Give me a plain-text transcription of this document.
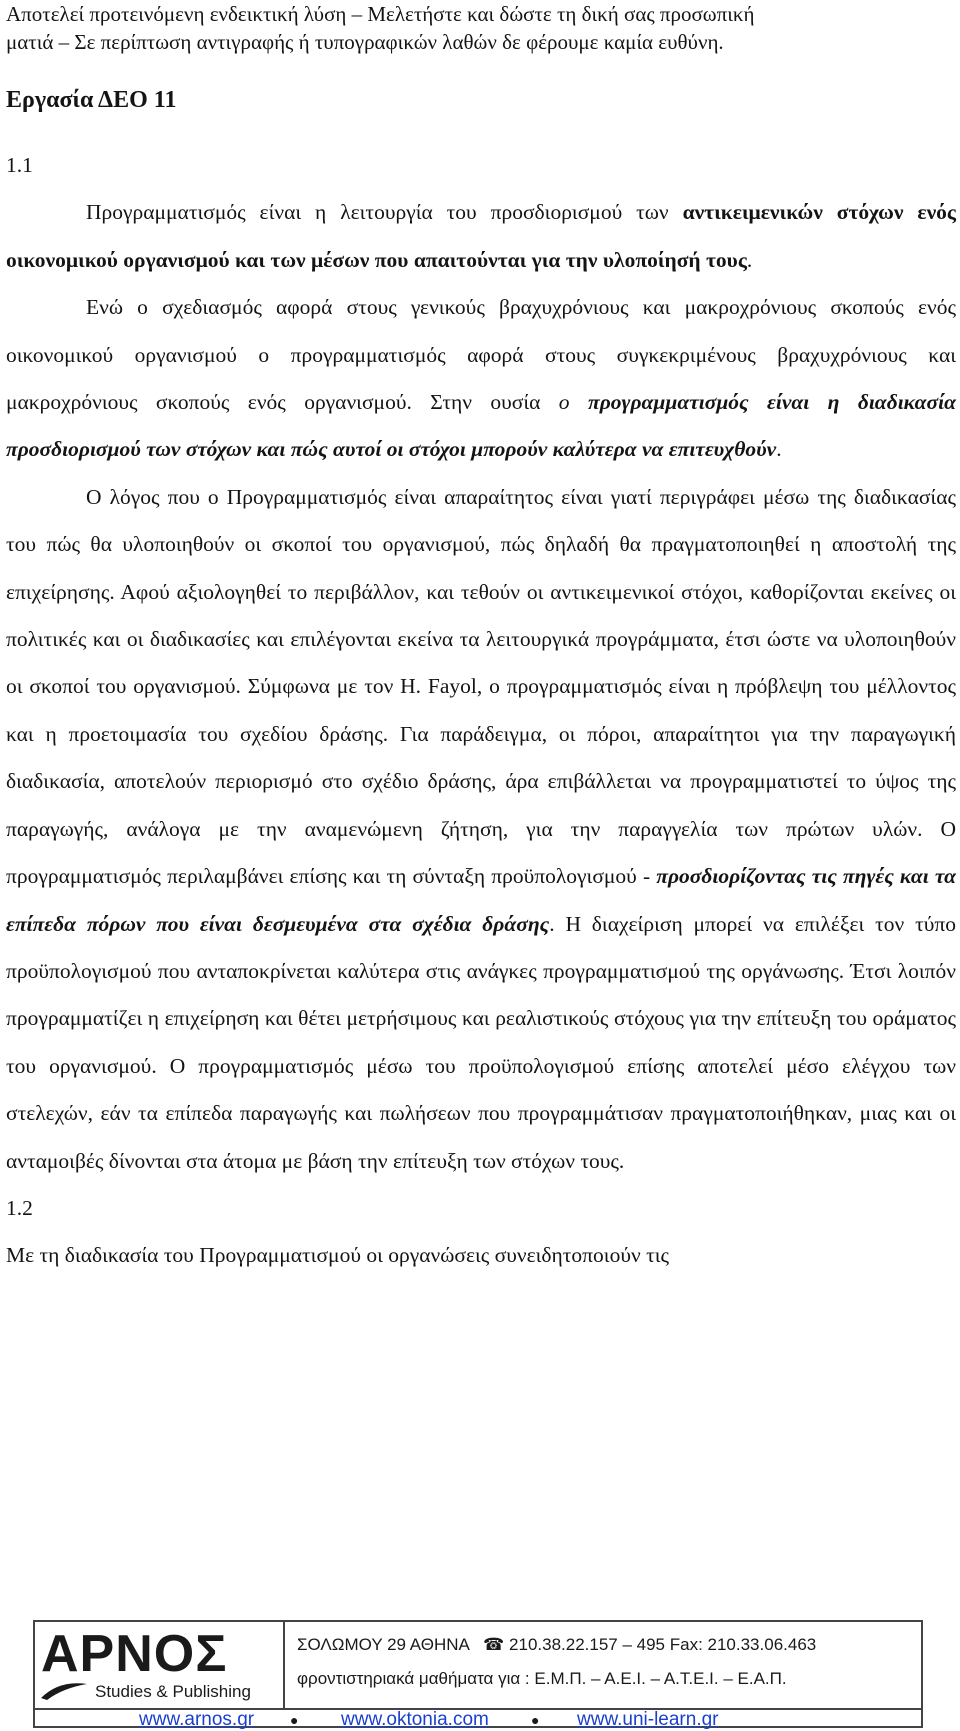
Αποτελεί προτεινόμενη ενδεικτική λύση – Μελετήστε και δώστε τη δική σας προσωπική
ματιά – Σε περίπτωση αντιγραφής ή τυπογραφικών λαθών δε φέρουμε καμία ευθύνη.
Εργασία ΔΕΟ 11
1.1

Προγραμματισμός είναι η λειτουργία του προσδιορισμού των αντικειμενικών στόχων ενός οικονομικού οργανισμού και των μέσων που απαιτούνται για την υλοποίησή τους.

Ενώ ο σχεδιασμός αφορά στους γενικούς βραχυχρόνιους και μακροχρόνιους σκοπούς ενός οικονομικού οργανισμού ο προγραμματισμός αφορά στους συγκεκριμένους βραχυχρόνιους και μακροχρόνιους σκοπούς ενός οργανισμού. Στην ουσία ο προγραμματισμός είναι η διαδικασία προσδιορισμού των στόχων και πώς αυτοί οι στόχοι μπορούν καλύτερα να επιτευχθούν.

Ο λόγος που ο Προγραμματισμός είναι απαραίτητος είναι γιατί περιγράφει μέσω της διαδικασίας του πώς θα υλοποιηθούν οι σκοποί του οργανισμού, πώς δηλαδή θα πραγματοποιηθεί η αποστολή της επιχείρησης. Αφού αξιολογηθεί το περιβάλλον, και τεθούν οι αντικειμενικοί στόχοι, καθορίζονται εκείνες οι πολιτικές και οι διαδικασίες και επιλέγονται εκείνα τα λειτουργικά προγράμματα, έτσι ώστε να υλοποιηθούν οι σκοποί του οργανισμού. Σύμφωνα με τον H. Fayol, ο προγραμματισμός είναι η πρόβλεψη του μέλλοντος και η προετοιμασία του σχεδίου δράσης. Για παράδειγμα, οι πόροι, απαραίτητοι για την παραγωγική διαδικασία, αποτελούν περιορισμό στο σχέδιο δράσης, άρα επιβάλλεται να προγραμματιστεί το ύψος της παραγωγής, ανάλογα με την αναμενώμενη ζήτηση, για την παραγγελία των πρώτων υλών. Ο προγραμματισμός περιλαμβάνει επίσης και τη σύνταξη προϋπολογισμού - προσδιορίζοντας τις πηγές και τα επίπεδα πόρων που είναι δεσμευμένα στα σχέδια δράσης. Η διαχείριση μπορεί να επιλέξει τον τύπο προϋπολογισμού που ανταποκρίνεται καλύτερα στις ανάγκες προγραμματισμού της οργάνωσης. Έτσι λοιπόν προγραμματίζει η επιχείρηση και θέτει μετρήσιμους και ρεαλιστικούς στόχους για την επίτευξη του οράματος του οργανισμού. Ο προγραμματισμός μέσω του προϋπολογισμού επίσης αποτελεί μέσο ελέγχου των στελεχών, εάν τα επίπεδα παραγωγής και πωλήσεων που προγραμμάτισαν πραγματοποιήθηκαν, μιας και οι ανταμοιβές δίνονται στα άτομα με βάση την επίτευξη των στόχων τους.

1.2

Με τη διαδικασία του Προγραμματισμού οι οργανώσεις συνειδητοποιούν τις

ΑΡΝΟΣ
Studies & Publishing
ΣΟΛΩΜΟΥ 29 ΑΘΗΝΑ   ☎ 210.38.22.157 – 495 Fax: 210.33.06.463
φροντιστηριακά μαθήματα για : Ε.Μ.Π. – Α.Ε.Ι. – Α.Τ.Ε.Ι. – Ε.Α.Π.
www.arnos.gr	● www.oktonia.com	● www.uni-learn.gr
